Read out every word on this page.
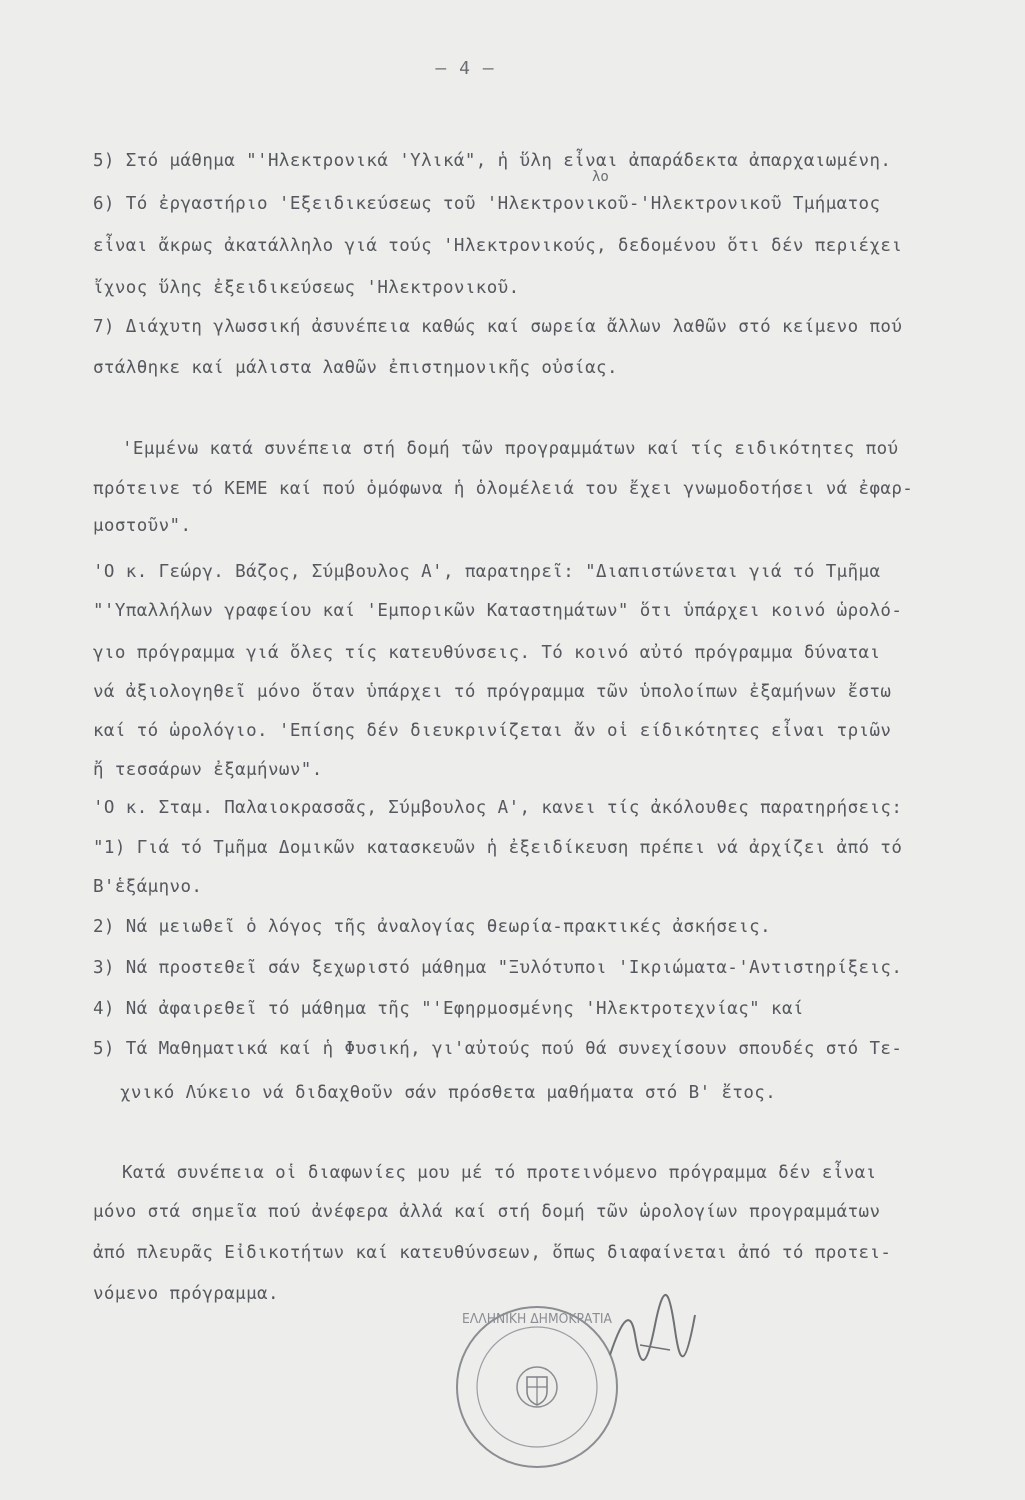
– 4 –
λο
5) Στό μάθημα "'Ηλεκτρονικά 'Υλικά", ἡ ὕλη εἶναι ἀπαράδεκτα ἀπαρχαιωμένη.
6) Τό ἐργαστήριο 'Εξειδικεύσεως τοῦ 'Ηλεκτρονικοῦ-'Ηλεκτρονικοῦ Τμήματος
εἶναι ἄκρως ἀκατάλληλο γιά τούς 'Ηλεκτρονικούς, δεδομένου ὅτι δέν περιέχει
ἴχνος ὕλης ἐξειδικεύσεως 'Ηλεκτρονικοῦ.
7) Διάχυτη γλωσσική ἀσυνέπεια καθώς καί σωρεία ἄλλων λαθῶν στό κείμενο πού
στάλθηκε καί μάλιστα λαθῶν ἐπιστημονικῆς οὐσίας.
'Εμμένω κατά συνέπεια στή δομή τῶν προγραμμάτων καί τίς ειδικότητες πού
πρότεινε τό ΚΕΜΕ καί πού ὁμόφωνα ἡ ὁλομέλειά του ἔχει γνωμοδοτήσει νά ἐφαρ-
μοστοῦν".
'Ο κ. Γεώργ. Βάζος, Σύμβουλος Α', παρατηρεῖ: "Διαπιστώνεται γιά τό Τμῆμα
"'Υπαλλήλων γραφείου καί 'Εμπορικῶν Καταστημάτων" ὅτι ὑπάρχει κοινό ὡρολό-
γιο πρόγραμμα γιά ὅλες τίς κατευθύνσεις. Τό κοινό αὐτό πρόγραμμα δύναται
νά ἀξιολογηθεῖ μόνο ὅταν ὑπάρχει τό πρόγραμμα τῶν ὑπολοίπων ἐξαμήνων ἔστω
καί τό ὡρολόγιο. 'Επίσης δέν διευκρινίζεται ἄν οἱ είδικότητες εἶναι τριῶν
ἤ τεσσάρων ἐξαμήνων".
'Ο κ. Σταμ. Παλαιοκρασσᾶς, Σύμβουλος Α', κανει τίς ἀκόλουθες παρατηρήσεις:
"1) Γιά τό Τμῆμα Δομικῶν κατασκευῶν ἡ ἐξειδίκευση πρέπει νά ἀρχίζει ἀπό τό
Β'ἑξάμηνο.
2) Νά μειωθεῖ ὁ λόγος τῆς ἀναλογίας θεωρία-πρακτικές ἀσκήσεις.
3) Νά προστεθεῖ σάν ξεχωριστό μάθημα "Ξυλότυποι 'Ικριώματα-'Αντιστηρίξεις.
4) Νά ἀφαιρεθεῖ τό μάθημα τῆς "'Εφηρμοσμένης 'Ηλεκτροτεχνίας" καί
5) Τά Μαθηματικά καί ἡ Φυσική, γι'αὐτούς πού θά συνεχίσουν σπουδές στό Τε-
χνικό Λύκειο νά διδαχθοῦν σάν πρόσθετα μαθήματα στό Β' ἔτος.
Κατά συνέπεια οἱ διαφωνίες μου μέ τό προτεινόμενο πρόγραμμα δέν εἶναι
μόνο στά σημεῖα πού ἀνέφερα ἀλλά καί στή δομή τῶν ὡρολογίων προγραμμάτων
ἀπό πλευρᾶς Εἰδικοτήτων καί κατευθύνσεων, ὅπως διαφαίνεται ἀπό τό προτει-
νόμενο πρόγραμμα.
ΕΛΛΗΝΙΚΗ ΔΗΜΟΚΡΑΤΙΑ
